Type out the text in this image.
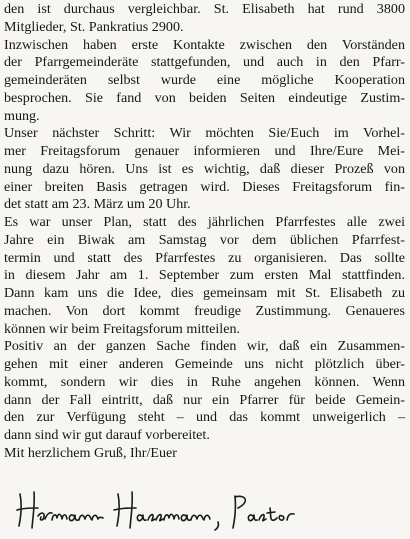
den ist durchaus vergleichbar. St. Elisabeth hat rund 3800
Mitglieder, St. Pankratius 2900.
Inzwischen haben erste Kontakte zwischen den Vorständen
der Pfarrgemeinderäte stattgefunden, und auch in den Pfarr-
gemeinderäten selbst wurde eine mögliche Kooperation
besprochen. Sie fand von beiden Seiten eindeutige Zustim-
mung.
Unser nächster Schritt: Wir möchten Sie/Euch im Vorhel-
mer Freitagsforum genauer informieren und Ihre/Eure Mei-
nung dazu hören. Uns ist es wichtig, daß dieser Prozeß von
einer breiten Basis getragen wird. Dieses Freitagsforum fin-
det statt am 23. März um 20 Uhr.
Es war unser Plan, statt des jährlichen Pfarrfestes alle zwei
Jahre ein Biwak am Samstag vor dem üblichen Pfarrfest-
termin und statt des Pfarrfestes zu organisieren. Das sollte
in diesem Jahr am 1. September zum ersten Mal stattfinden.
Dann kam uns die Idee, dies gemeinsam mit St. Elisabeth zu
machen. Von dort kommt freudige Zustimmung. Genaueres
können wir beim Freitagsforum mitteilen.
Positiv an der ganzen Sache finden wir, daß ein Zusammen-
gehen mit einer anderen Gemeinde uns nicht plötzlich über-
kommt, sondern wir dies in Ruhe angehen können. Wenn
dann der Fall eintritt, daß nur ein Pfarrer für beide Gemein-
den zur Verfügung steht – und das kommt unweigerlich –
dann sind wir gut darauf vorbereitet.
Mit herzlichem Gruß, Ihr/Euer
